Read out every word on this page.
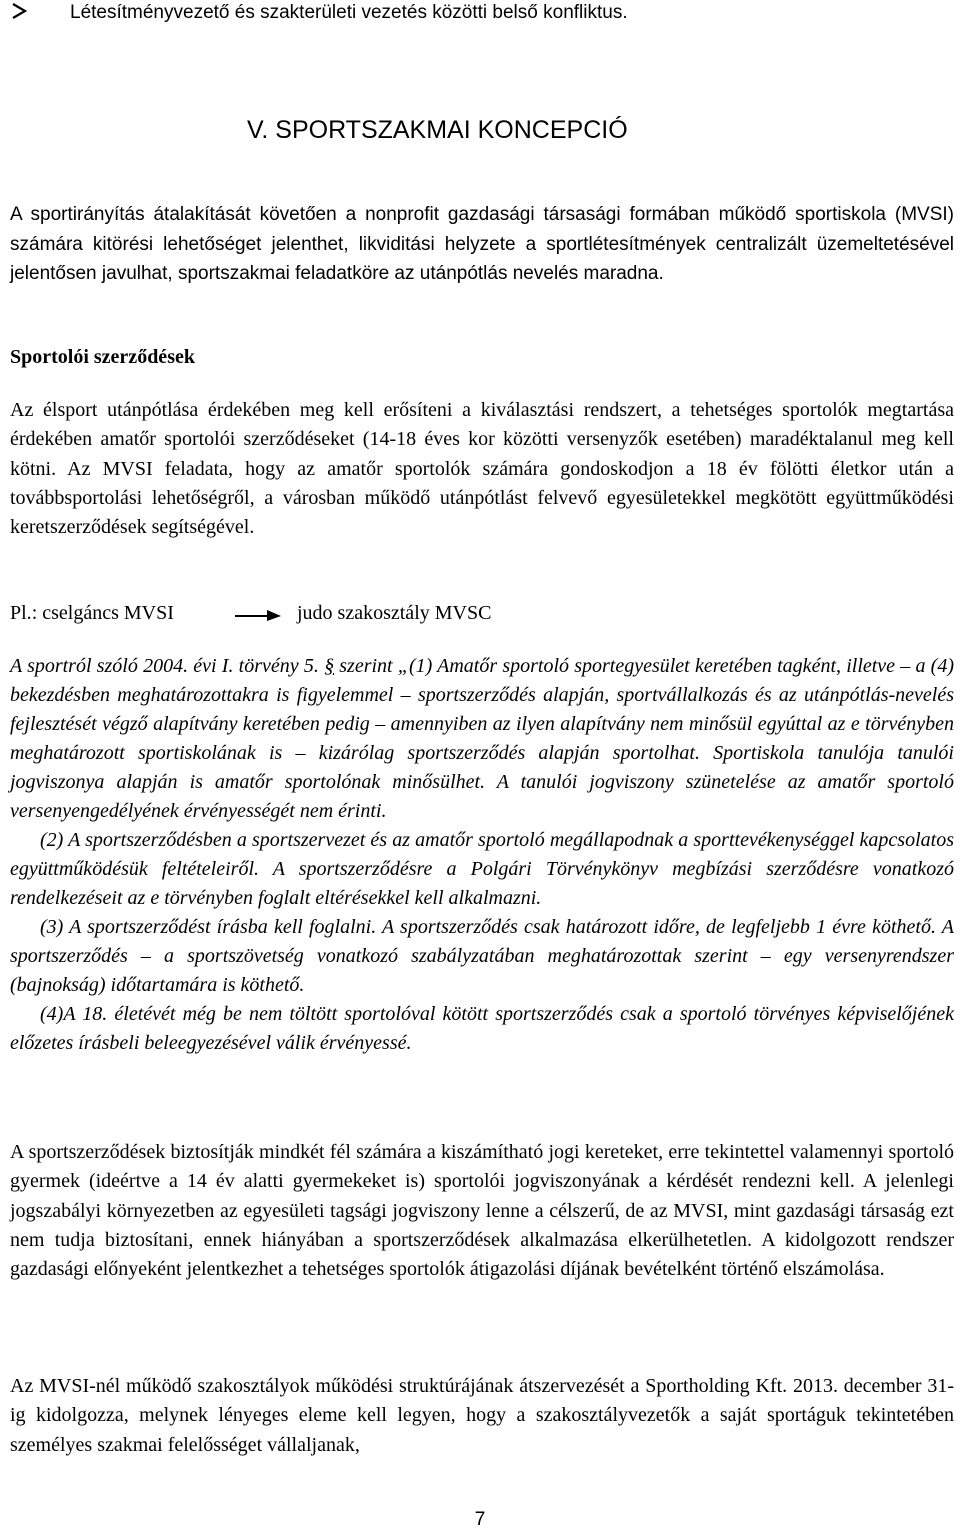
Létesítményvezető és szakterületi vezetés közötti belső konfliktus.
V. SPORTSZAKMAI KONCEPCIÓ

A sportirányítás átalakítását követően a nonprofit gazdasági társasági formában működő sportiskola (MVSI) számára kitörési lehetőséget jelenthet, likviditási helyzete a sportlétesítmények centralizált üzemeltetésével jelentősen javulhat, sportszakmai feladatköre az utánpótlás nevelés maradna.

Sportolói szerződések

Az élsport utánpótlása érdekében meg kell erősíteni a kiválasztási rendszert, a tehetséges sportolók megtartása érdekében amatőr sportolói szerződéseket (14-18 éves kor közötti versenyzők esetében) maradéktalanul meg kell kötni. Az MVSI feladata, hogy az amatőr sportolók számára gondoskodjon a 18 év fölötti életkor után a továbbsportolási lehetőségről, a városban működő utánpótlást felvevő egyesületekkel megkötött együttműködési keretszerződések segítségével.

Pl.: cselgáncs MVSI	judo szakosztály MVSC
A sportról szóló 2004. évi I. törvény 5. § szerint „(1) Amatőr sportoló sportegyesület keretében tagként, illetve – a (4) bekezdésben meghatározottakra is figyelemmel – sportszerződés alapján, sportvállalkozás és az utánpótlás-nevelés fejlesztését végző alapítvány keretében pedig – amennyiben az ilyen alapítvány nem minősül egyúttal az e törvényben meghatározott sportiskolának is – kizárólag sportszerződés alapján sportolhat. Sportiskola tanulója tanulói jogviszonya alapján is amatőr sportolónak minősülhet. A tanulói jogviszony szünetelése az amatőr sportoló versenyengedélyének érvényességét nem érinti.
(2) A sportszerződésben a sportszervezet és az amatőr sportoló megállapodnak a sporttevékenységgel kapcsolatos együttműködésük feltételeiről. A sportszerződésre a Polgári Törvénykönyv megbízási szerződésre vonatkozó rendelkezéseit az e törvényben foglalt eltérésekkel kell alkalmazni.
(3) A sportszerződést írásba kell foglalni. A sportszerződés csak határozott időre, de legfeljebb 1 évre köthető. A sportszerződés – a sportszövetség vonatkozó szabályzatában meghatározottak szerint – egy versenyrendszer (bajnokság) időtartamára is köthető.
(4)A 18. életévét még be nem töltött sportolóval kötött sportszerződés csak a sportoló törvényes képviselőjének előzetes írásbeli beleegyezésével válik érvényessé.

A sportszerződések biztosítják mindkét fél számára a kiszámítható jogi kereteket, erre tekintettel valamennyi sportoló gyermek (ideértve a 14 év alatti gyermekeket is) sportolói jogviszonyának a kérdését rendezni kell. A jelenlegi jogszabályi környezetben az egyesületi tagsági jogviszony lenne a célszerű, de az MVSI, mint gazdasági társaság ezt nem tudja biztosítani, ennek hiányában a sportszerződések alkalmazása elkerülhetetlen. A kidolgozott rendszer gazdasági előnyeként jelentkezhet a tehetséges sportolók átigazolási díjának bevételként történő elszámolása.

Az MVSI-nél működő szakosztályok működési struktúrájának átszervezését a Sportholding Kft. 2013. december 31-ig kidolgozza, melynek lényeges eleme kell legyen, hogy a szakosztályvezetők a saját sportáguk tekintetében személyes szakmai felelősséget vállaljanak,

7
